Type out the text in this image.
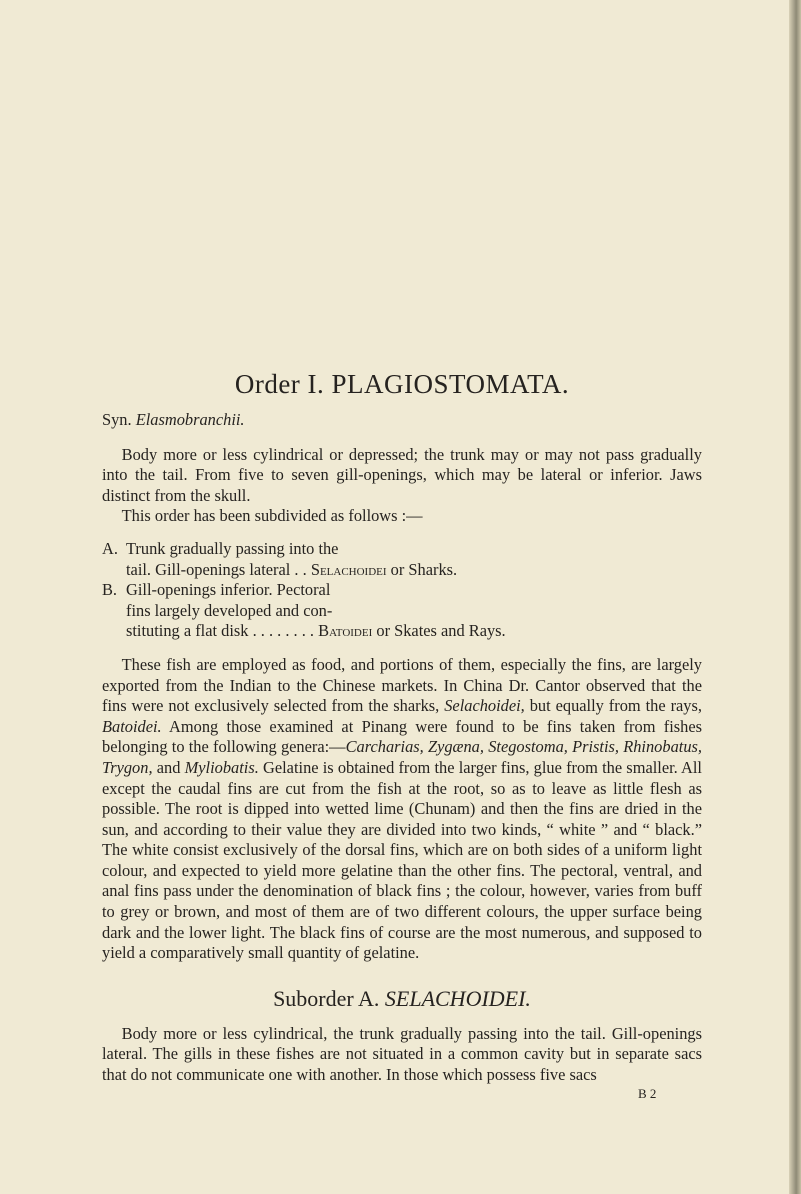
Order I. PLAGIOSTOMATA.
Syn. Elasmobranchii.

Body more or less cylindrical or depressed; the trunk may or may not pass gradually into the tail. From five to seven gill-openings, which may be lateral or inferior. Jaws distinct from the skull.

This order has been subdivided as follows :—

A. Trunk gradually passing into the
tail. Gill-openings lateral . . Selachoidei or Sharks.
B. Gill-openings inferior. Pectoral
fins largely developed and con-
stituting a flat disk . . . . . . . . Batoidei or Skates and Rays.

These fish are employed as food, and portions of them, especially the fins, are largely exported from the Indian to the Chinese markets. In China Dr. Cantor observed that the fins were not exclusively selected from the sharks, Selachoidei, but equally from the rays, Batoidei. Among those examined at Pinang were found to be fins taken from fishes belonging to the following genera:—Carcharias, Zygæna, Stegostoma, Pristis, Rhinobatus, Trygon, and Myliobatis. Gelatine is obtained from the larger fins, glue from the smaller. All except the caudal fins are cut from the fish at the root, so as to leave as little flesh as possible. The root is dipped into wetted lime (Chunam) and then the fins are dried in the sun, and according to their value they are divided into two kinds, “ white ” and “ black.” The white consist exclusively of the dorsal fins, which are on both sides of a uniform light colour, and expected to yield more gelatine than the other fins. The pectoral, ventral, and anal fins pass under the denomination of black fins ; the colour, however, varies from buff to grey or brown, and most of them are of two different colours, the upper surface being dark and the lower light. The black fins of course are the most numerous, and supposed to yield a comparatively small quantity of gelatine.

Suborder A. SELACHOIDEI.

Body more or less cylindrical, the trunk gradually passing into the tail. Gill-openings lateral. The gills in these fishes are not situated in a common cavity but in separate sacs that do not communicate one with another. In those which possess five sacs

B 2
